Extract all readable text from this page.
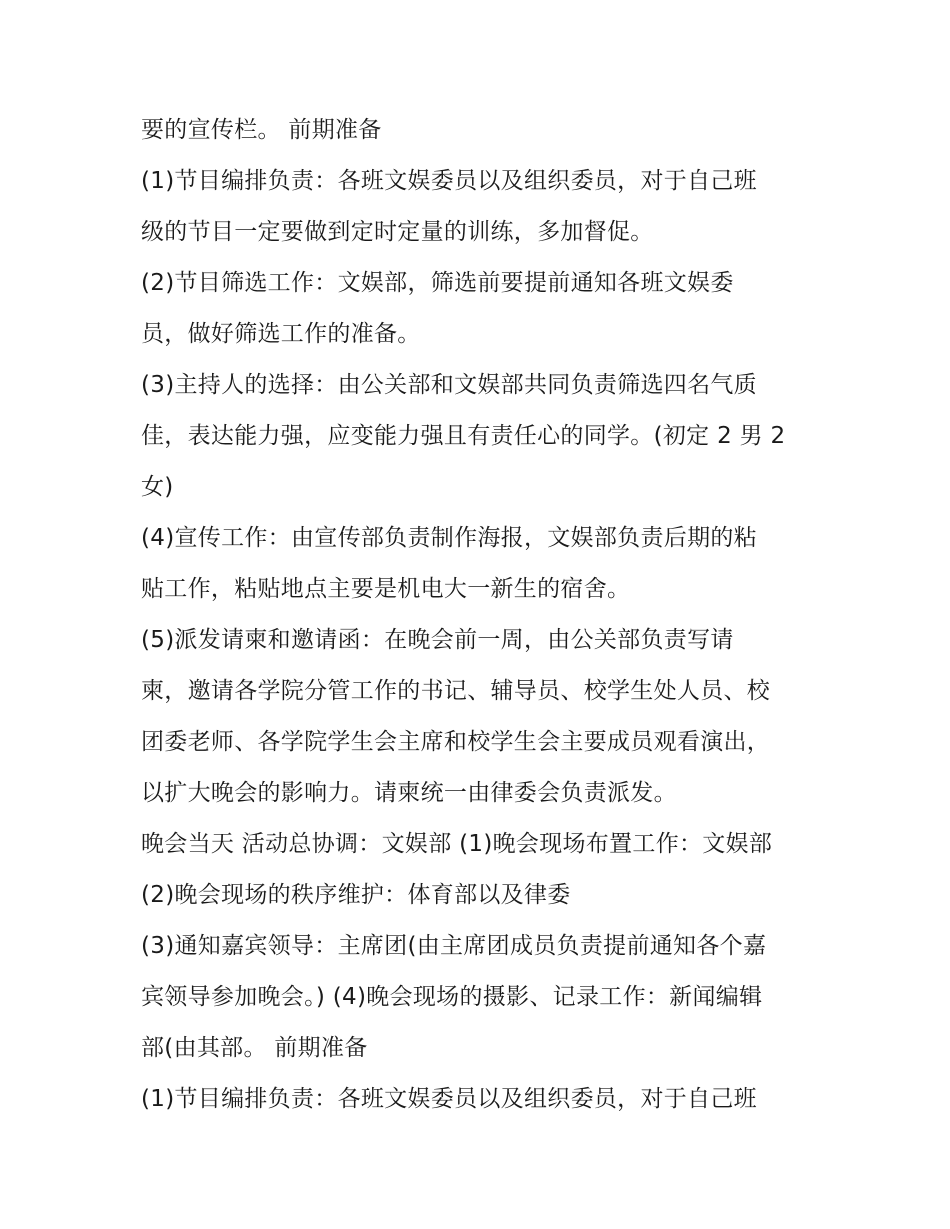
要的宣传栏。 前期准备
(1)节目编排负责：各班文娱委员以及组织委员，对于自己班
级的节目一定要做到定时定量的训练，多加督促。
(2)节目筛选工作：文娱部，筛选前要提前通知各班文娱委
员，做好筛选工作的准备。
(3)主持人的选择：由公关部和文娱部共同负责筛选四名气质
佳，表达能力强，应变能力强且有责任心的同学。(初定 2 男 2
女)
(4)宣传工作：由宣传部负责制作海报，文娱部负责后期的粘
贴工作，粘贴地点主要是机电大一新生的宿舍。
(5)派发请柬和邀请函：在晚会前一周，由公关部负责写请
柬，邀请各学院分管工作的书记、辅导员、校学生处人员、校
团委老师、各学院学生会主席和校学生会主要成员观看演出，
以扩大晚会的影响力。请柬统一由律委会负责派发。
晚会当天 活动总协调：文娱部 (1)晚会现场布置工作：文娱部
(2)晚会现场的秩序维护：体育部以及律委
(3)通知嘉宾领导：主席团(由主席团成员负责提前通知各个嘉
宾领导参加晚会。) (4)晚会现场的摄影、记录工作：新闻编辑
部(由其部。 前期准备
(1)节目编排负责：各班文娱委员以及组织委员，对于自己班
